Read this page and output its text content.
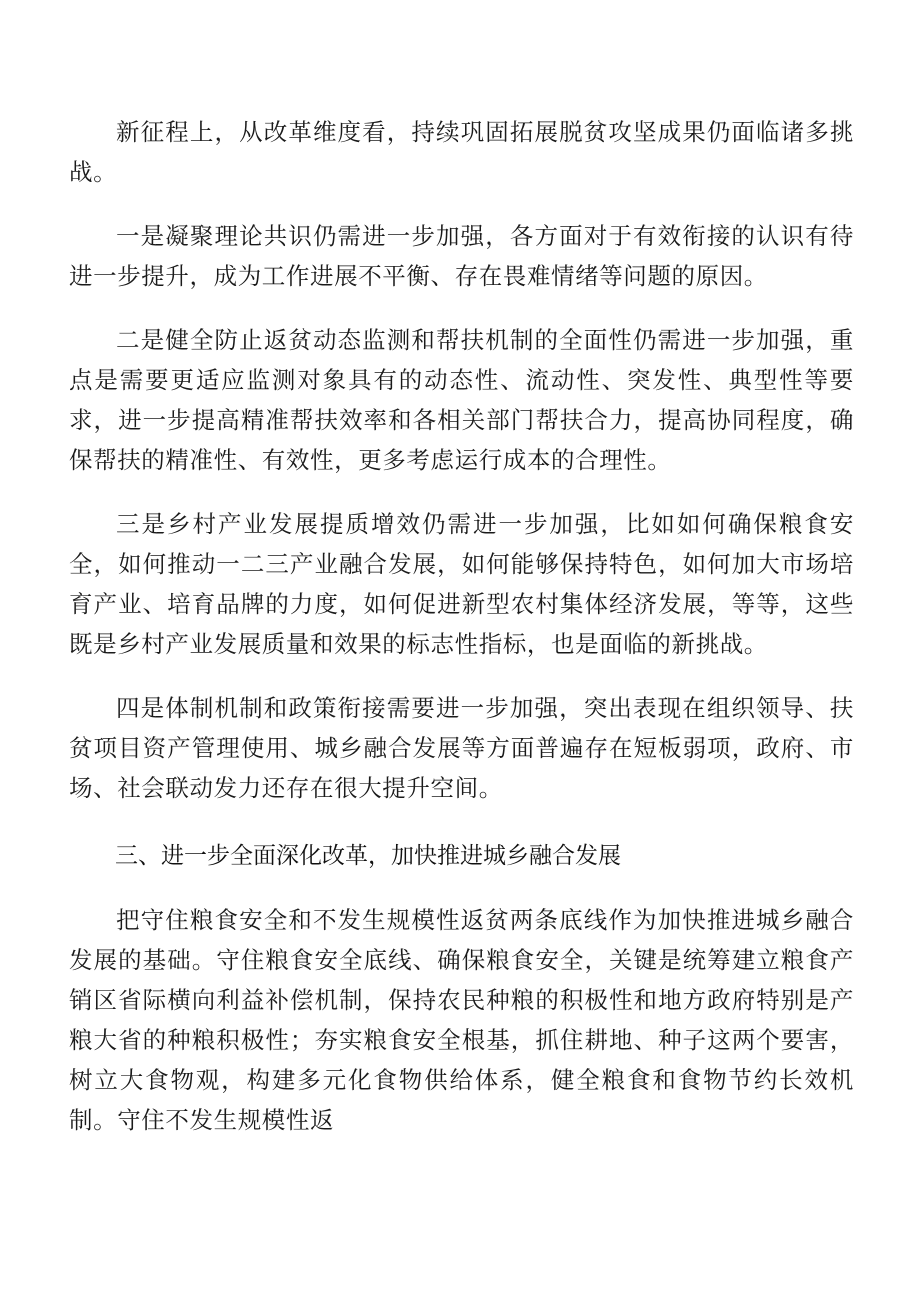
新征程上，从改革维度看，持续巩固拓展脱贫攻坚成果仍面临诸多挑战。

一是凝聚理论共识仍需进一步加强，各方面对于有效衔接的认识有待进一步提升，成为工作进展不平衡、存在畏难情绪等问题的原因。

二是健全防止返贫动态监测和帮扶机制的全面性仍需进一步加强，重点是需要更适应监测对象具有的动态性、流动性、突发性、典型性等要求，进一步提高精准帮扶效率和各相关部门帮扶合力，提高协同程度，确保帮扶的精准性、有效性，更多考虑运行成本的合理性。

三是乡村产业发展提质增效仍需进一步加强，比如如何确保粮食安全，如何推动一二三产业融合发展，如何能够保持特色，如何加大市场培育产业、培育品牌的力度，如何促进新型农村集体经济发展，等等，这些既是乡村产业发展质量和效果的标志性指标，也是面临的新挑战。

四是体制机制和政策衔接需要进一步加强，突出表现在组织领导、扶贫项目资产管理使用、城乡融合发展等方面普遍存在短板弱项，政府、市场、社会联动发力还存在很大提升空间。

三、进一步全面深化改革，加快推进城乡融合发展

把守住粮食安全和不发生规模性返贫两条底线作为加快推进城乡融合发展的基础。守住粮食安全底线、确保粮食安全，关键是统筹建立粮食产销区省际横向利益补偿机制，保持农民种粮的积极性和地方政府特别是产粮大省的种粮积极性；夯实粮食安全根基，抓住耕地、种子这两个要害，树立大食物观，构建多元化食物供给体系，健全粮食和食物节约长效机制。守住不发生规模性返
